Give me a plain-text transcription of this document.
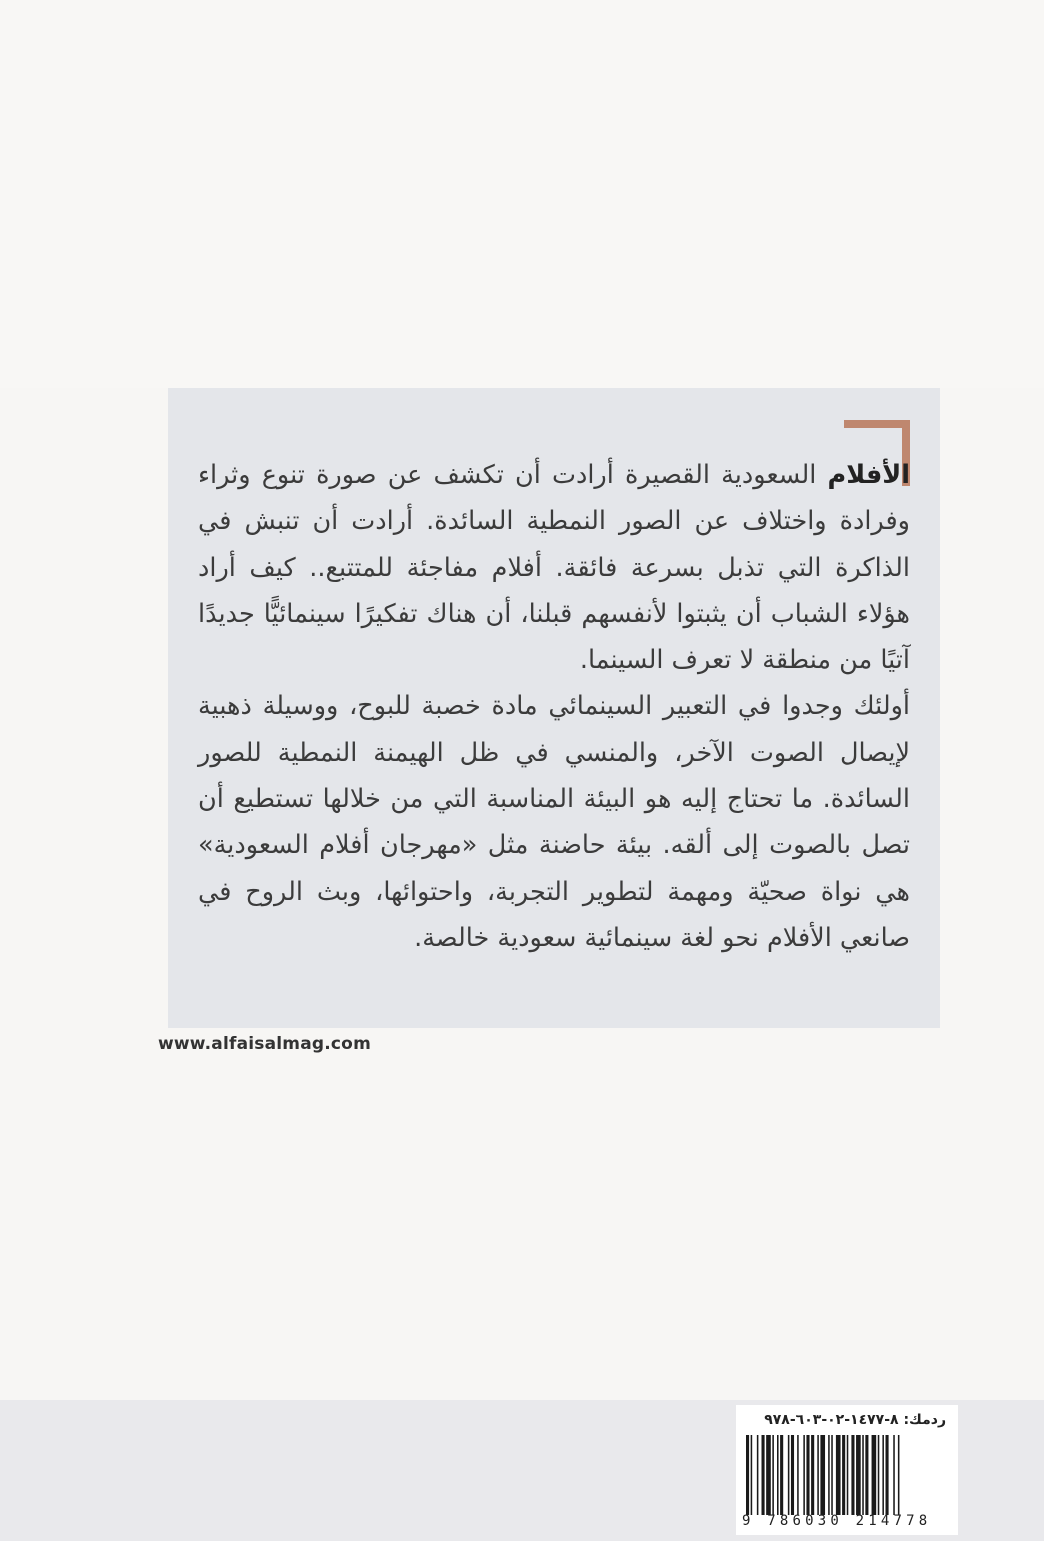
الأفلام السعودية القصيرة أرادت أن تكشف عن صورة تنوع وثراء وفرادة واختلاف عن الصور النمطية السائدة. أرادت أن تنبش في الذاكرة التي تذبل بسرعة فائقة. أفلام مفاجئة للمتتبع.. كيف أراد هؤلاء الشباب أن يثبتوا لأنفسهم قبلنا، أن هناك تفكيرًا سينمائيًّا جديدًا آتيًا من منطقة لا تعرف السينما.

أولئك وجدوا في التعبير السينمائي مادة خصبة للبوح، ووسيلة ذهبية لإيصال الصوت الآخر، والمنسي في ظل الهيمنة النمطية للصور السائدة. ما تحتاج إليه هو البيئة المناسبة التي من خلالها تستطيع أن تصل بالصوت إلى ألقه. بيئة حاضنة مثل «مهرجان أفلام السعودية» هي نواة صحيّة ومهمة لتطوير التجربة، واحتوائها، وبث الروح في صانعي الأفلام نحو لغة سينمائية سعودية خالصة.

www.alfaisalmag.com
ردمك: ٨-١٤٧٧-٠٢-٦٠٣-٩٧٨
9 786030 214778
